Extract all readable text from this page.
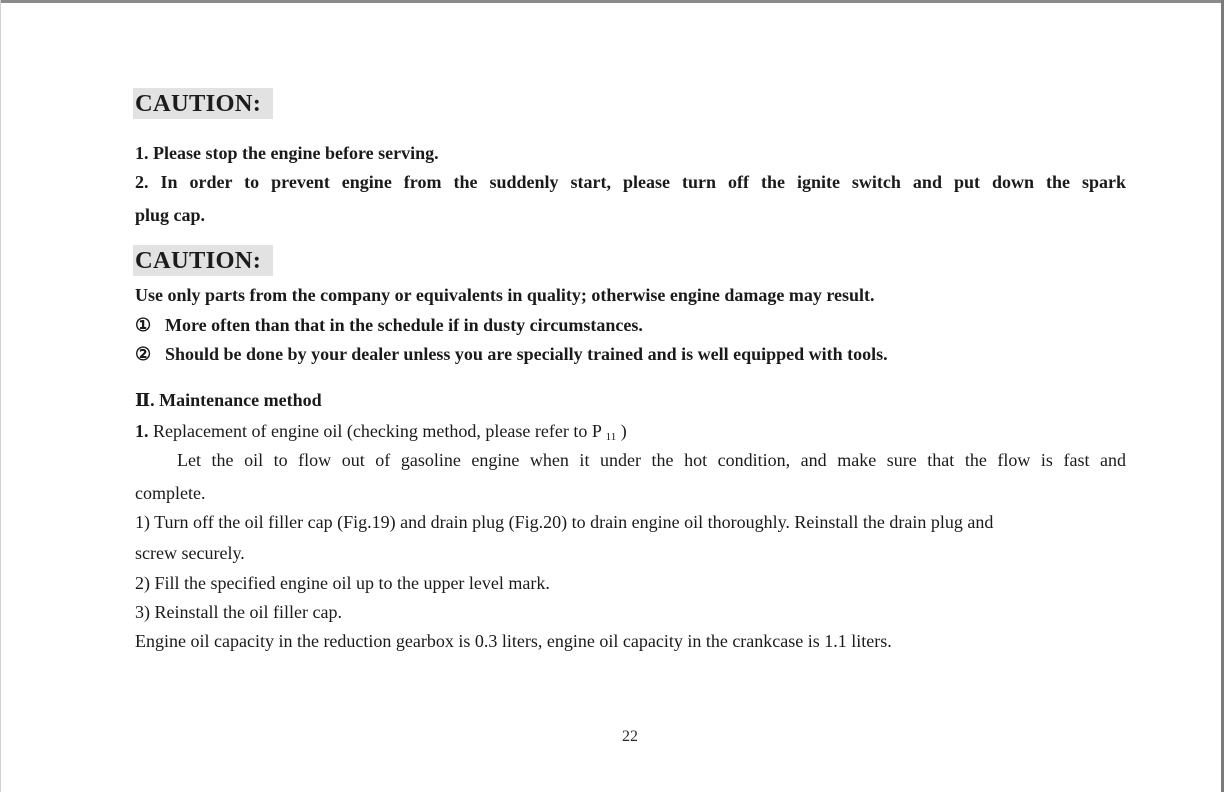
CAUTION:
1. Please stop the engine before serving.
2. In order to prevent engine from the suddenly start, please turn off the ignite switch and put down the spark
plug cap.
CAUTION:
Use only parts from the company or equivalents in quality; otherwise engine damage may result.
① More often than that in the schedule if in dusty circumstances.
② Should be done by your dealer unless you are specially trained and is well equipped with tools.
Ⅱ. Maintenance method
1. Replacement of engine oil (checking method, please refer to P $_{11}$ )
Let the oil to flow out of gasoline engine when it under the hot condition, and make sure that the flow is fast and
complete.
1) Turn off the oil filler cap (Fig.19) and drain plug (Fig.20) to drain engine oil thoroughly. Reinstall the drain plug and
screw securely.
2) Fill the specified engine oil up to the upper level mark.
3) Reinstall the oil filler cap.
Engine oil capacity in the reduction gearbox is 0.3 liters, engine oil capacity in the crankcase is 1.1 liters.
22
